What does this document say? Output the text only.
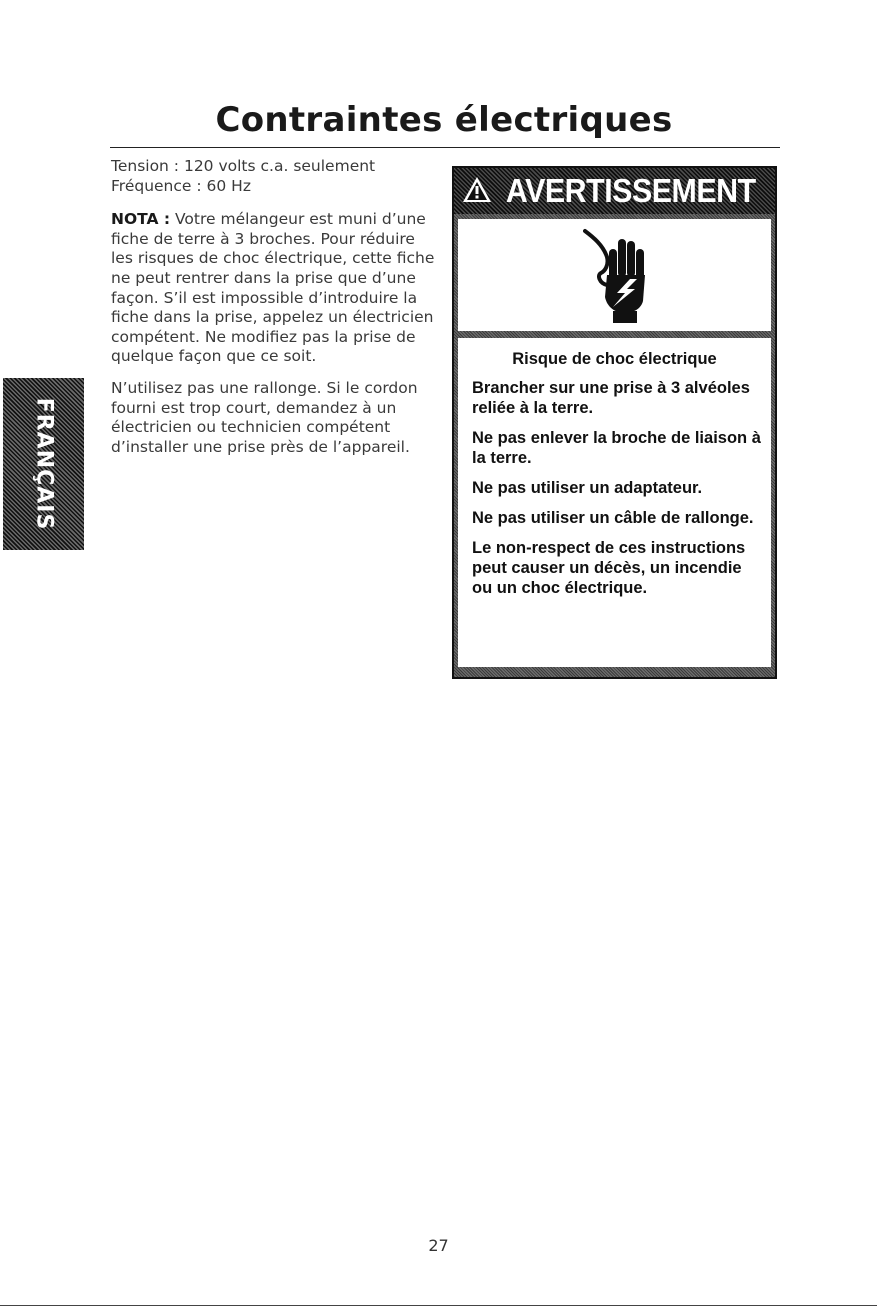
Contraintes électriques
Tension : 120 volts c.a. seulement

Fréquence : 60 Hz

NOTA : Votre mélangeur est muni d’une fiche de terre à 3 broches. Pour réduire les risques de choc électrique, cette fiche ne peut rentrer dans la prise que d’une façon. S’il est impossible d’introduire la fiche dans la prise, appelez un électricien compétent. Ne modifiez pas la prise de quelque façon que ce soit.

N’utilisez pas une rallonge. Si le cordon fourni est trop court, demandez à un électricien ou technicien compétent d’installer une prise près de l’appareil.

FRANÇAIS
AVERTISSEMENT
Risque de choc électrique

Brancher sur une prise à 3 alvéoles reliée à la terre.

Ne pas enlever la broche de liaison à la terre.

Ne pas utiliser un adaptateur.

Ne pas utiliser un câble de rallonge.

Le non-respect de ces instructions peut causer un décès, un incendie ou un choc électrique.

27
